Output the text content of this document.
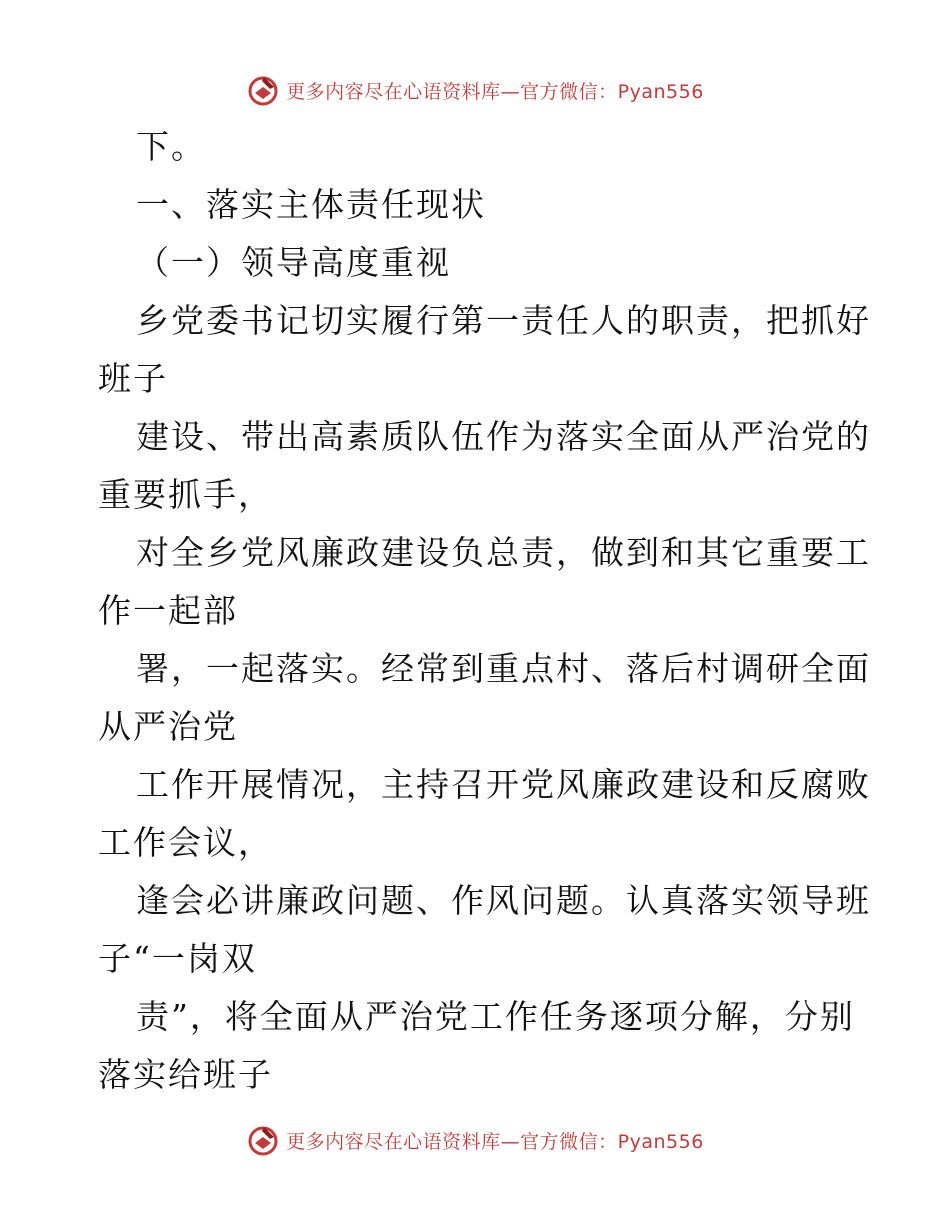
更多内容尽在心语资料库—官方微信：Pyan556
下。
一、落实主体责任现状
（一）领导高度重视
乡党委书记切实履行第一责任人的职责，把抓好
班子
建设、带出高素质队伍作为落实全面从严治党的
重要抓手，
对全乡党风廉政建设负总责，做到和其它重要工
作一起部
署，一起落实。经常到重点村、落后村调研全面
从严治党
工作开展情况，主持召开党风廉政建设和反腐败
工作会议，
逢会必讲廉政问题、作风问题。认真落实领导班
子“一岗双
责”，将全面从严治党工作任务逐项分解，分别
落实给班子
更多内容尽在心语资料库—官方微信：Pyan556
